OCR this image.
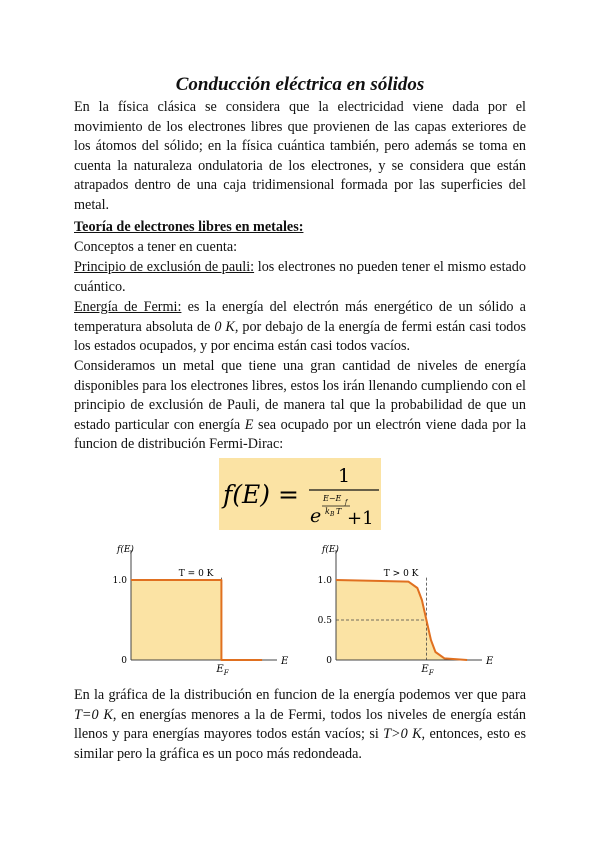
Conducción eléctrica en sólidos

En la física clásica se considera que la electricidad viene dada por el movimiento de los electrones libres que provienen de las capas exteriores de los átomos del sólido; en la física cuántica también, pero además se toma en cuenta la naturaleza ondulatoria de los electrones, y se considera que están atrapados dentro de una caja tridimensional formada por las superficies del metal.

Teoría de electrones libres en metales:
Conceptos a tener en cuenta:

Principio de exclusión de pauli: los electrones no pueden tener el mismo estado cuántico.

Energía de Fermi: es la energía del electrón más energético de un sólido a temperatura absoluta de 0 K, por debajo de la energía de fermi están casi todos los estados ocupados, y por encima están casi todos vacíos.

Consideramos un metal que tiene una gran cantidad de niveles de energía disponibles para los electrones libres, estos los irán llenando cumpliendo con el principio de exclusión de Pauli, de manera tal que la probabilidad de que un estado particular con energía E sea ocupado por un electrón viene dada por la funcion de distribución Fermi-Dirac:

f(E) =
1
e
E−E f
k B T +1
f(E)
E
1.0
0
T = 0 K
$E_F$
f(E)
E
1.0
0.5
0
T > 0 K
$E_F$

En la gráfica de la distribución en funcion de la energía podemos ver que para T=0 K, en energías menores a la de Fermi, todos los niveles de energía están llenos y para energías mayores todos están vacíos; si T>0 K, entonces, esto es similar pero la gráfica es un poco más redondeada.
